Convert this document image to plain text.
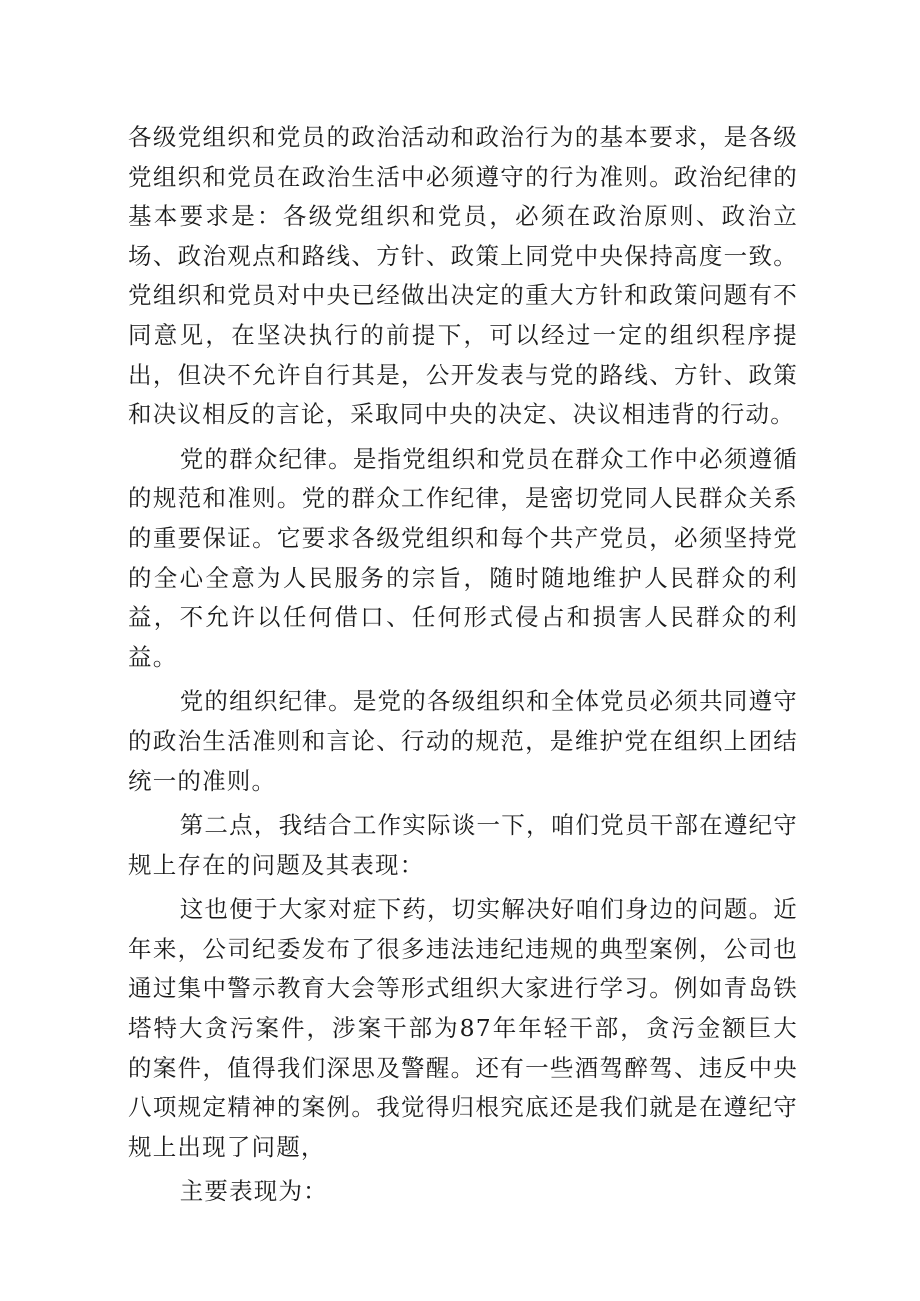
各级党组织和党员的政治活动和政治行为的基本要求，是各级党组织和党员在政治生活中必须遵守的行为准则。政治纪律的基本要求是：各级党组织和党员，必须在政治原则、政治立场、政治观点和路线、方针、政策上同党中央保持高度一致。党组织和党员对中央已经做出决定的重大方针和政策问题有不同意见，在坚决执行的前提下，可以经过一定的组织程序提出，但决不允许自行其是，公开发表与党的路线、方针、政策和决议相反的言论，采取同中央的决定、决议相违背的行动。

党的群众纪律。是指党组织和党员在群众工作中必须遵循的规范和准则。党的群众工作纪律，是密切党同人民群众关系的重要保证。它要求各级党组织和每个共产党员，必须坚持党的全心全意为人民服务的宗旨，随时随地维护人民群众的利益，不允许以任何借口、任何形式侵占和损害人民群众的利益。

党的组织纪律。是党的各级组织和全体党员必须共同遵守的政治生活准则和言论、行动的规范，是维护党在组织上团结统一的准则。

第二点，我结合工作实际谈一下，咱们党员干部在遵纪守规上存在的问题及其表现：

这也便于大家对症下药，切实解决好咱们身边的问题。近年来，公司纪委发布了很多违法违纪违规的典型案例，公司也通过集中警示教育大会等形式组织大家进行学习。例如青岛铁塔特大贪污案件，涉案干部为87年年轻干部，贪污金额巨大的案件，值得我们深思及警醒。还有一些酒驾醉驾、违反中央八项规定精神的案例。我觉得归根究底还是我们就是在遵纪守规上出现了问题，

主要表现为：
